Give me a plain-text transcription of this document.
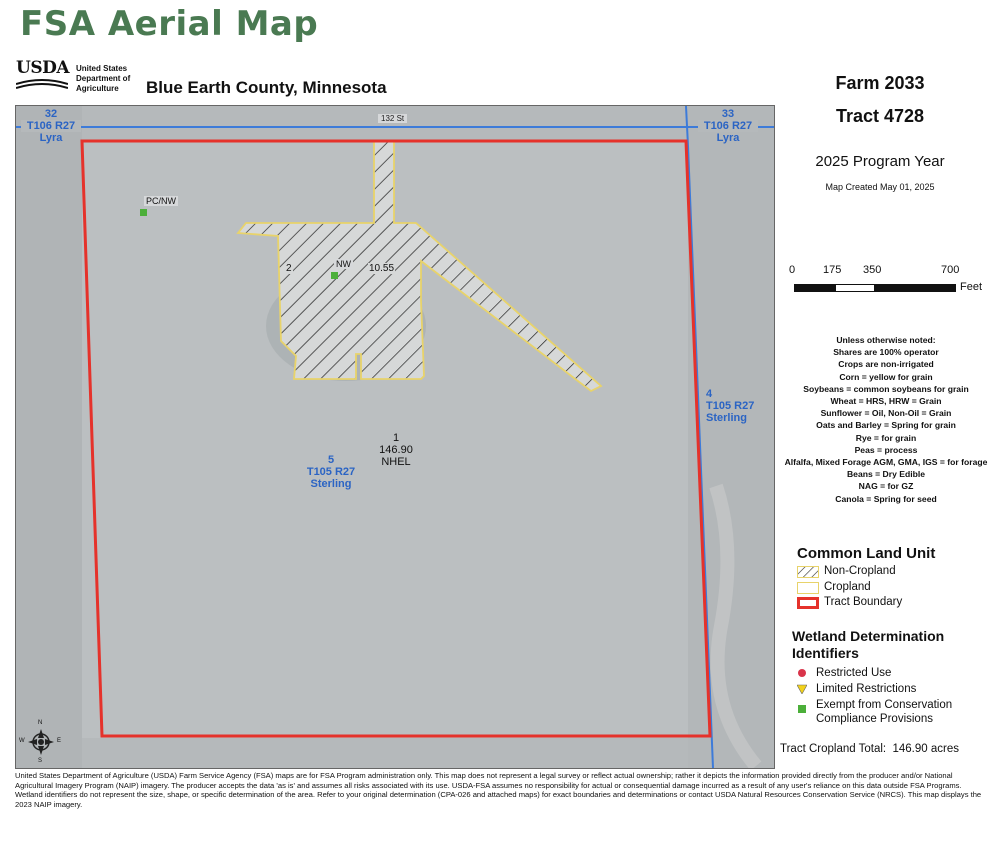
FSA Aerial Map
USDA United States
Department of
Agriculture	Blue Earth County, Minnesota	Farm 2033
Tract 4728
2025 Program Year
Map Created May 01, 2025
132 St
32
T106 R27
Lyra
33
T106 R27
Lyra
4
T105 R27
Sterling
5
T105 R27
Sterling
1
146.90
NHEL
2	10.55
PC/NW
NW
N
S
E
W
0	175 350	700
Feet
Unless otherwise noted:
Shares are 100% operator
Crops are non-irrigated
Corn = yellow for grain
Soybeans = common soybeans for grain
Wheat = HRS, HRW = Grain
Sunflower = Oil, Non-Oil = Grain
Oats and Barley = Spring for grain
Rye = for grain
Peas = process
Alfalfa, Mixed Forage AGM, GMA, IGS = for forage
Beans = Dry Edible
NAG = for GZ
Canola = Spring for seed
Common Land Unit
Non-Cropland
Cropland
Tract Boundary
Wetland Determination
Identifiers
Restricted Use
Limited Restrictions
Exempt from Conservation Compliance Provisions
Tract Cropland Total: 146.90 acres
United States Department of Agriculture (USDA) Farm Service Agency (FSA) maps are for FSA Program administration only. This map does not represent a legal survey or reflect actual ownership; rather it depicts the information provided directly from the producer and/or National Agricultural Imagery Program (NAIP) imagery. The producer accepts the data 'as is' and assumes all risks associated with its use. USDA-FSA assumes no responsibility for actual or consequential damage incurred as a result of any user's reliance on this data outside FSA Programs. Wetland identifiers do not represent the size, shape, or specific determination of the area. Refer to your original determination (CPA-026 and attached maps) for exact boundaries and determinations or contact USDA Natural Resources Conservation Service (NRCS). This map displays the 2023 NAIP imagery.
